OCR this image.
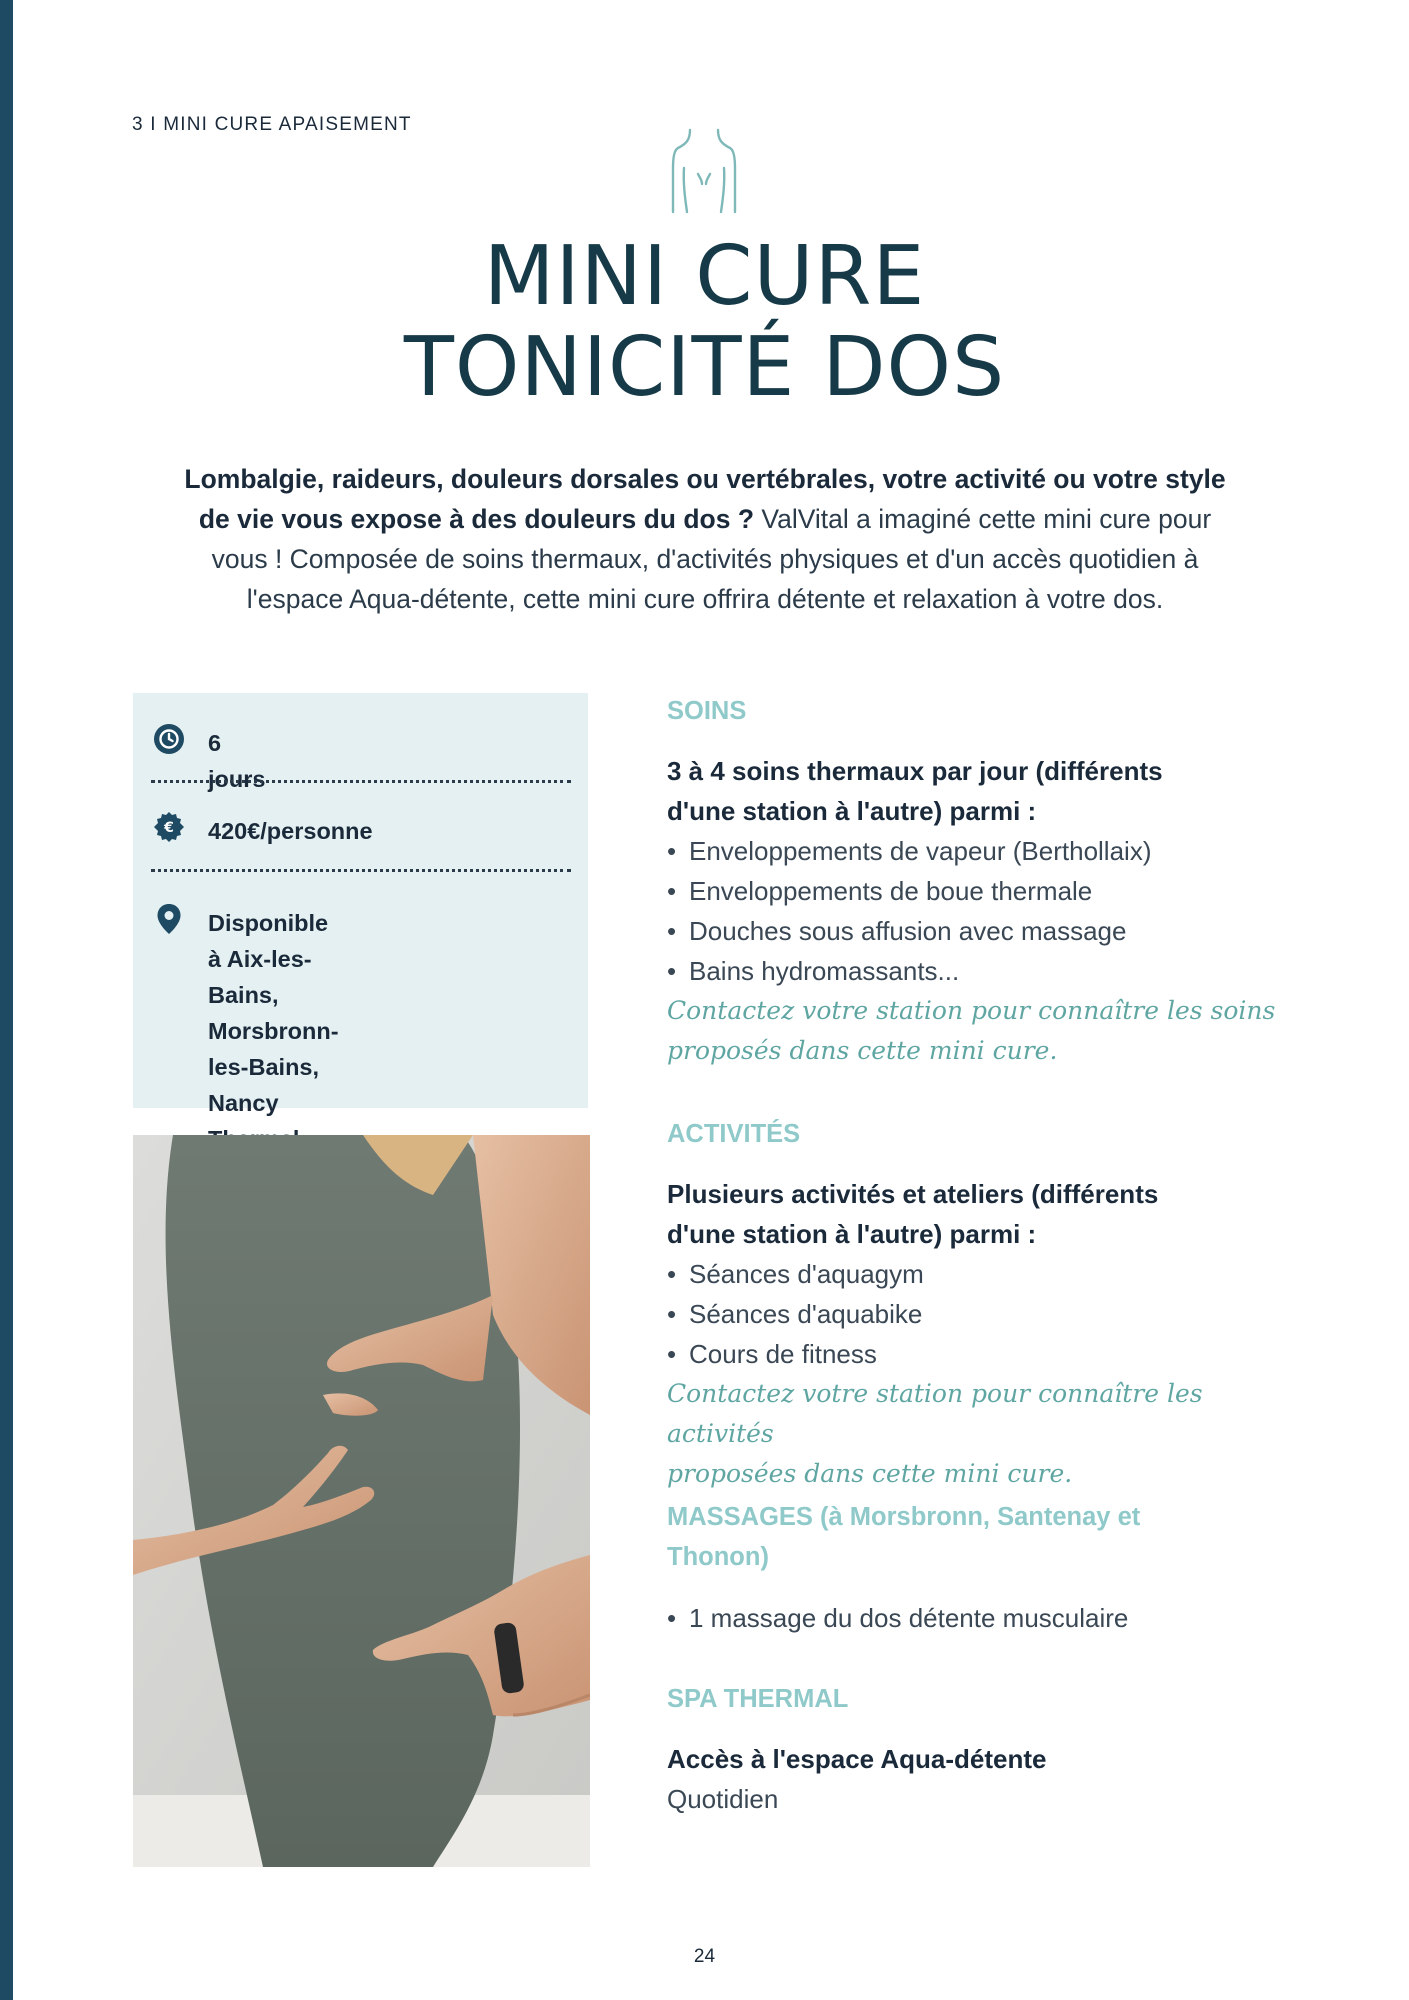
3 I MINI CURE APAISEMENT
MINI CURE
TONICITÉ DOS
Lombalgie, raideurs, douleurs dorsales ou vertébrales, votre activité ou votre style de vie vous expose à des douleurs du dos ? ValVital a imaginé cette mini cure pour vous ! Composée de soins thermaux, d'activités physiques et d'un accès quotidien à l'espace Aqua-détente, cette mini cure offrira détente et relaxation à votre dos.
6 jours
€ 420€/personne
Disponible à Aix-les-Bains,
Morsbronn-les-Bains,
Nancy
SOINS
3 à 4 soins thermaux par jour (différents
d'une station à l'autre) parmi :
• Enveloppements de vapeur (Berthollaix)
• Enveloppements de boue thermale
• Douches sous affusion avec massage
• Bains hydromassants...
Contactez votre station pour connaître les soins
proposés dans cette mini cure.
ACTIVITÉS
Plusieurs activités et ateliers (différents
d'une station à l'autre) parmi :
• Séances d'aquagym
• Séances d'aquabike
• Cours de fitness
Contactez votre station pour connaître les activités
proposées dans cette mini cure.
MASSAGES (à Morsbronn, Santenay et
Thonon)
• 1 massage du dos détente musculaire
SPA THERMAL
Accès à l'espace Aqua-détente
Quotidien
24
